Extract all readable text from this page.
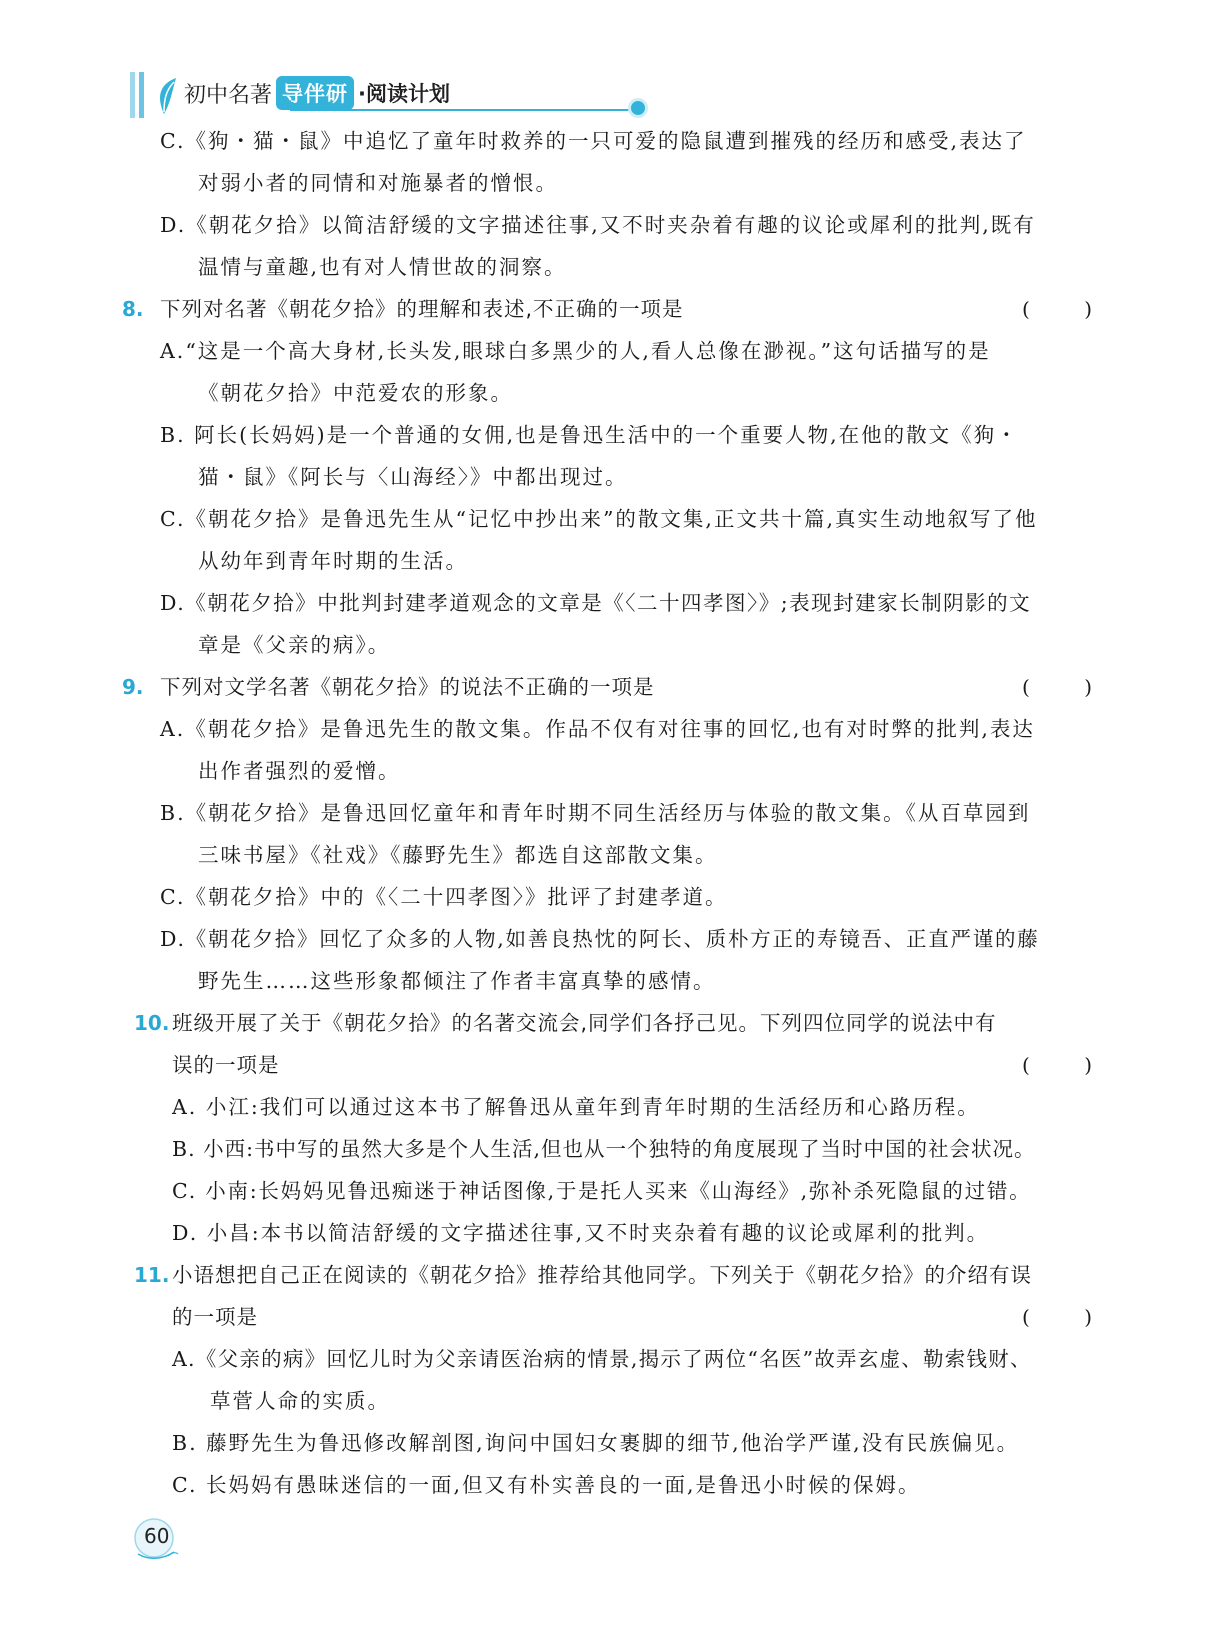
初中名著 导伴研 ·阅读计划
C.《狗・猫・鼠》中追忆了童年时救养的一只可爱的隐鼠遭到摧残的经历和感受,表达了
对弱小者的同情和对施暴者的憎恨。
D.《朝花夕拾》以简洁舒缓的文字描述往事,又不时夹杂着有趣的议论或犀利的批判,既有
温情与童趣,也有对人情世故的洞察。
8. 下列对名著《朝花夕拾》的理解和表述,不正确的一项是	(	)
A.“这是一个高大身材,长头发,眼球白多黑少的人,看人总像在渺视。”这句话描写的是
《朝花夕拾》中范爱农的形象。
B. 阿长(长妈妈)是一个普通的女佣,也是鲁迅生活中的一个重要人物,在他的散文《狗・
猫・鼠》《阿长与〈山海经〉》中都出现过。
C.《朝花夕拾》是鲁迅先生从“记忆中抄出来”的散文集,正文共十篇,真实生动地叙写了他
从幼年到青年时期的生活。
D.《朝花夕拾》中批判封建孝道观念的文章是《〈二十四孝图〉》;表现封建家长制阴影的文
章是《父亲的病》。
9. 下列对文学名著《朝花夕拾》的说法不正确的一项是	(	)
A.《朝花夕拾》是鲁迅先生的散文集。作品不仅有对往事的回忆,也有对时弊的批判,表达
出作者强烈的爱憎。
B.《朝花夕拾》是鲁迅回忆童年和青年时期不同生活经历与体验的散文集。《从百草园到
三味书屋》《社戏》《藤野先生》都选自这部散文集。
C.《朝花夕拾》中的《〈二十四孝图〉》批评了封建孝道。
D.《朝花夕拾》回忆了众多的人物,如善良热忱的阿长、质朴方正的寿镜吾、正直严谨的藤
野先生……这些形象都倾注了作者丰富真挚的感情。
10. 班级开展了关于《朝花夕拾》的名著交流会,同学们各抒己见。下列四位同学的说法中有
误的一项是	(	)
A. 小江:我们可以通过这本书了解鲁迅从童年到青年时期的生活经历和心路历程。
B. 小西:书中写的虽然大多是个人生活,但也从一个独特的角度展现了当时中国的社会状况。
C. 小南:长妈妈见鲁迅痴迷于神话图像,于是托人买来《山海经》,弥补杀死隐鼠的过错。
D. 小昌:本书以简洁舒缓的文字描述往事,又不时夹杂着有趣的议论或犀利的批判。
11. 小语想把自己正在阅读的《朝花夕拾》推荐给其他同学。下列关于《朝花夕拾》的介绍有误
的一项是	(	)
A.《父亲的病》回忆儿时为父亲请医治病的情景,揭示了两位“名医”故弄玄虚、勒索钱财、
草菅人命的实质。
B. 藤野先生为鲁迅修改解剖图,询问中国妇女裹脚的细节,他治学严谨,没有民族偏见。
C. 长妈妈有愚昧迷信的一面,但又有朴实善良的一面,是鲁迅小时候的保姆。
60
